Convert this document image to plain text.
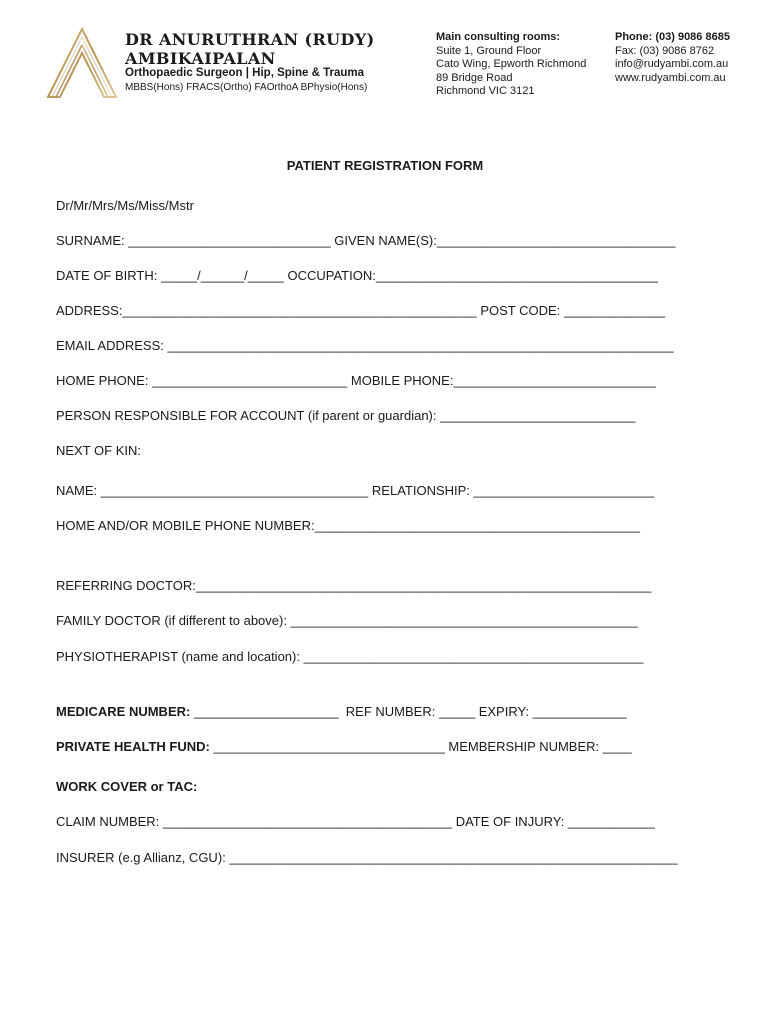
DR ANURUTHRAN (RUDY)
AMBIKAIPALAN
Orthopaedic Surgeon | Hip, Spine & Trauma
MBBS(Hons) FRACS(Ortho) FAOrthoA BPhysio(Hons)
Main consulting rooms:
Suite 1, Ground Floor
Cato Wing, Epworth Richmond
89 Bridge Road
Richmond VIC 3121
Phone: (03) 9086 8685
Fax: (03) 9086 8762
info@rudyambi.com.au
www.rudyambi.com.au
PATIENT REGISTRATION FORM
Dr/Mr/Mrs/Ms/Miss/Mstr
SURNAME: ____________________________ GIVEN NAME(S):_________________________________
DATE OF BIRTH: _____/______/_____ OCCUPATION:_______________________________________
ADDRESS:_________________________________________________ POST CODE: ______________
EMAIL ADDRESS: ______________________________________________________________________
HOME PHONE: ___________________________ MOBILE PHONE:____________________________
PERSON RESPONSIBLE FOR ACCOUNT (if parent or guardian): ___________________________
NEXT OF KIN:
NAME: _____________________________________ RELATIONSHIP: _________________________
HOME AND/OR MOBILE PHONE NUMBER:_____________________________________________
REFERRING DOCTOR:_______________________________________________________________
FAMILY DOCTOR (if different to above): ________________________________________________
PHYSIOTHERAPIST (name and location): _______________________________________________
MEDICARE NUMBER: ____________________  REF NUMBER: _____ EXPIRY: _____________
PRIVATE HEALTH FUND: ________________________________ MEMBERSHIP NUMBER: ____
WORK COVER or TAC:
CLAIM NUMBER: ________________________________________ DATE OF INJURY: ____________
INSURER (e.g Allianz, CGU): ______________________________________________________________
